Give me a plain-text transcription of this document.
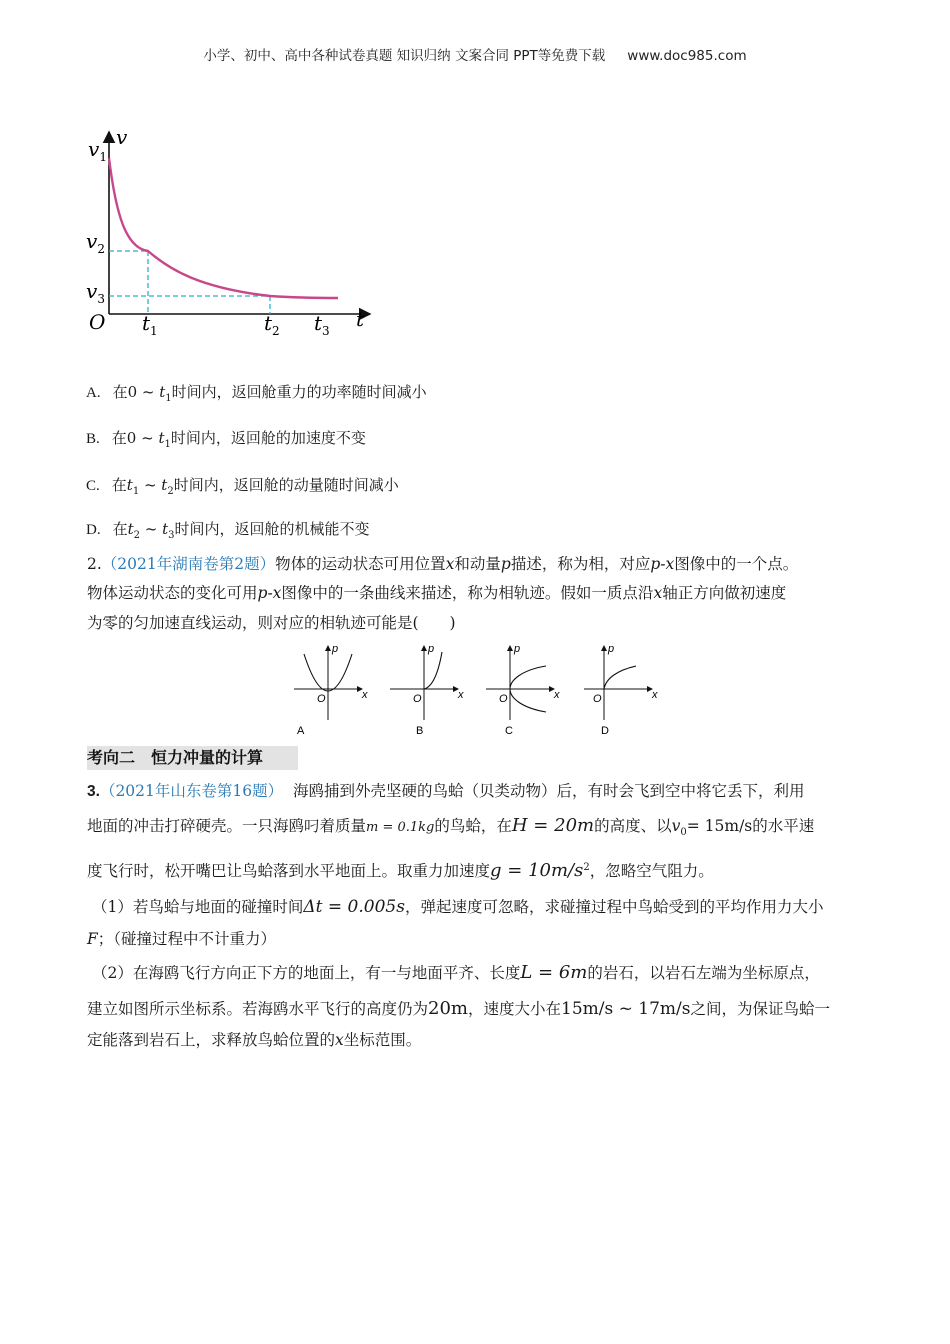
小学、初中、高中各种试卷真题 知识归纳 文案合同 PPT等免费下载 www.doc985.com
$v_1$
v
$v_2$
$v_3$
O $t_1$	$t_2$ $t_3$ t
A. 在0 ~ $t_1$时间内，返回舱重力的功率随时间减小
B. 在0 ~ $t_1$时间内，返回舱的加速度不变
C. 在$t_1$ ~ $t_2$时间内，返回舱的动量随时间减小
D. 在$t_2$ ~ $t_3$时间内，返回舱的机械能不变
2.（2021年湖南卷第2题）物体的运动状态可用位置x和动量p描述，称为相，对应p-x图像中的一个点。
物体运动状态的变化可用p-x图像中的一条曲线来描述，称为相轨迹。假如一质点沿x轴正方向做初速度
为零的匀加速直线运动，则对应的相轨迹可能是(　　)
p
x
O
A
p
x
O
B
p
x
O
C
p
x
O
D
考向二 恒力冲量的计算
3.（2021年山东卷第16题） 海鸥捕到外壳坚硬的鸟蛤（贝类动物）后，有时会飞到空中将它丢下，利用
地面的冲击打碎硬壳。一只海鸥叼着质量m = 0.1kg的鸟蛤，在H = 20m的高度、以$v_0= 15m/s$的水平速
度飞行时，松开嘴巴让鸟蛤落到水平地面上。取重力加速度$g = 10m/s^2$，忽略空气阻力。
（1）若鸟蛤与地面的碰撞时间Δt = 0.005s，弹起速度可忽略，求碰撞过程中鸟蛤受到的平均作用力大小
F；（碰撞过程中不计重力）
（2）在海鸥飞行方向正下方的地面上，有一与地面平齐、长度L = 6m的岩石，以岩石左端为坐标原点，
建立如图所示坐标系。若海鸥水平飞行的高度仍为20m，速度大小在15m/s ~ 17m/s之间，为保证鸟蛤一
定能落到岩石上，求释放鸟蛤位置的x坐标范围。
